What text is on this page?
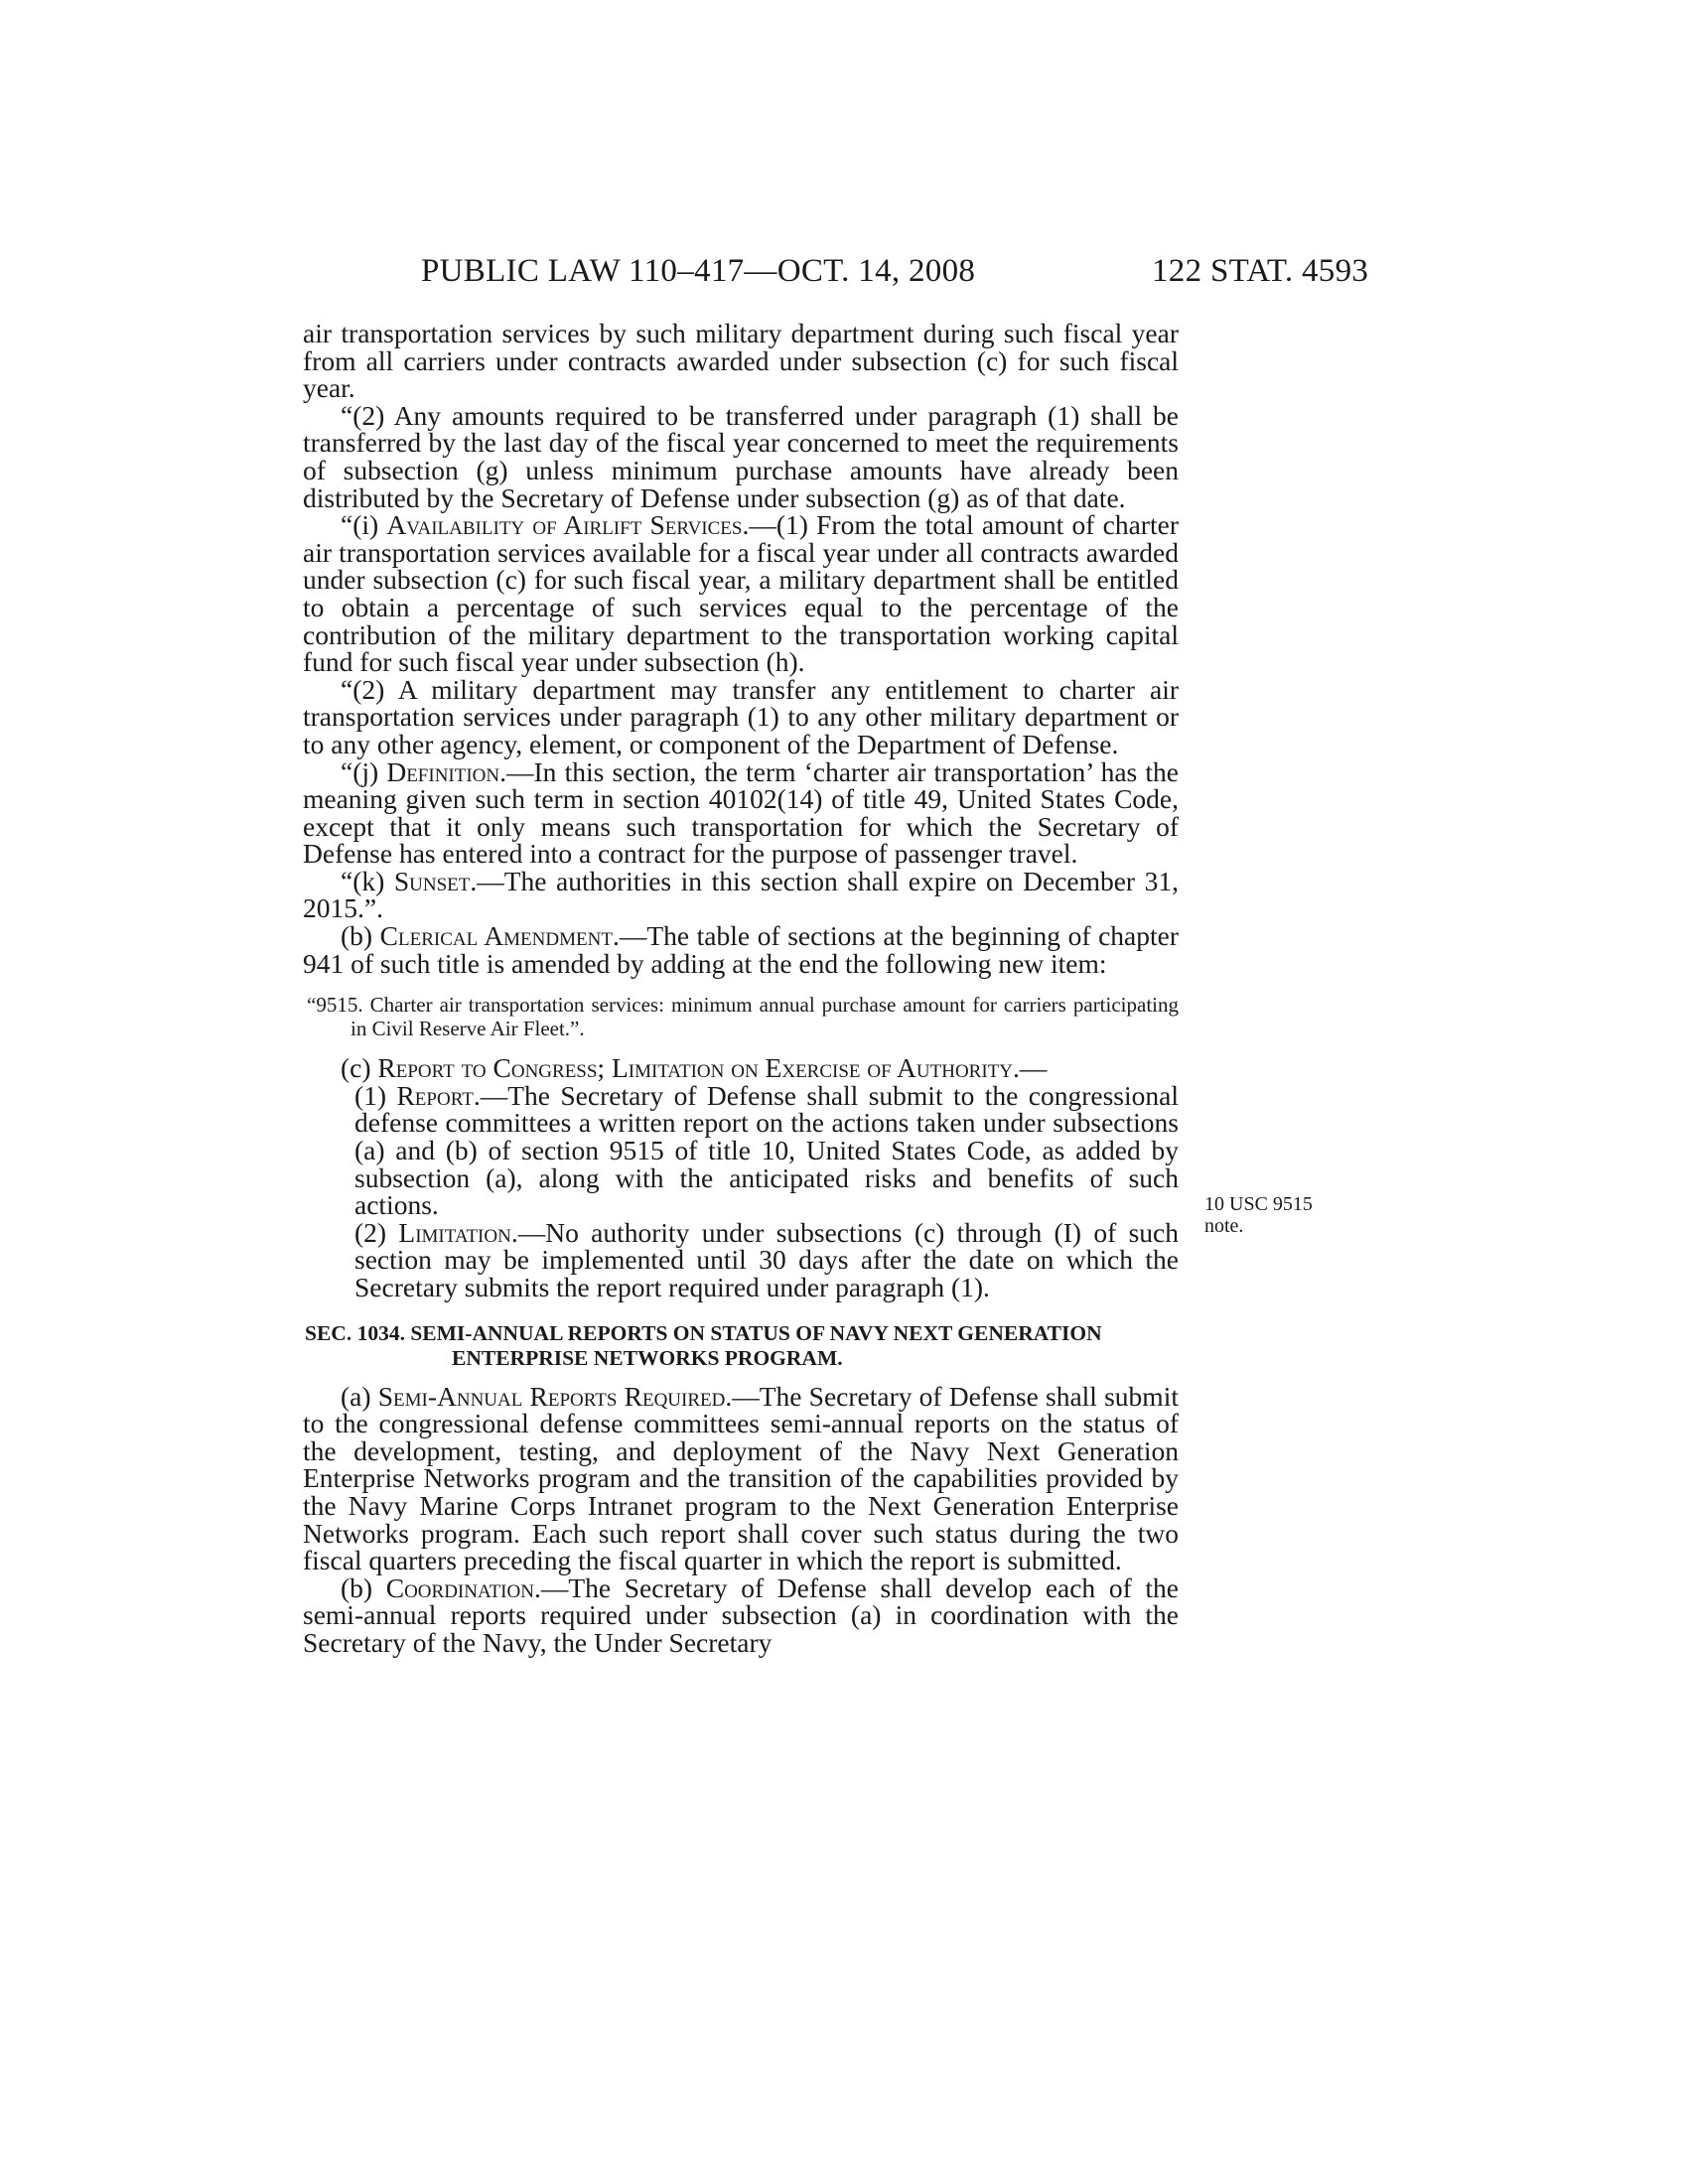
PUBLIC LAW 110–417—OCT. 14, 2008	122 STAT. 4593

air transportation services by such military department during such fiscal year from all carriers under contracts awarded under subsection (c) for such fiscal year.

“(2) Any amounts required to be transferred under paragraph (1) shall be transferred by the last day of the fiscal year concerned to meet the requirements of subsection (g) unless minimum purchase amounts have already been distributed by the Secretary of Defense under subsection (g) as of that date.

“(i) Availability of Airlift Services.—(1) From the total amount of charter air transportation services available for a fiscal year under all contracts awarded under subsection (c) for such fiscal year, a military department shall be entitled to obtain a percentage of such services equal to the percentage of the contribution of the military department to the transportation working capital fund for such fiscal year under subsection (h).

“(2) A military department may transfer any entitlement to charter air transportation services under paragraph (1) to any other military department or to any other agency, element, or component of the Department of Defense.

“(j) Definition.—In this section, the term ‘charter air transportation’ has the meaning given such term in section 40102(14) of title 49, United States Code, except that it only means such transportation for which the Secretary of Defense has entered into a contract for the purpose of passenger travel.

“(k) Sunset.—The authorities in this section shall expire on December 31, 2015.”.

(b) Clerical Amendment.—The table of sections at the beginning of chapter 941 of such title is amended by adding at the end the following new item:

“9515. Charter air transportation services: minimum annual purchase amount for carriers participating in Civil Reserve Air Fleet.”.

(c) Report to Congress; Limitation on Exercise of Authority.—

(1) Report.—The Secretary of Defense shall submit to the congressional defense committees a written report on the actions taken under subsections (a) and (b) of section 9515 of title 10, United States Code, as added by subsection (a), along with the anticipated risks and benefits of such actions.

(2) Limitation.—No authority under subsections (c) through (I) of such section may be implemented until 30 days after the date on which the Secretary submits the report required under paragraph (1).

SEC. 1034. SEMI-ANNUAL REPORTS ON STATUS OF NAVY NEXT GENERATION ENTERPRISE NETWORKS PROGRAM.

(a) Semi-Annual Reports Required.—The Secretary of Defense shall submit to the congressional defense committees semi-annual reports on the status of the development, testing, and deployment of the Navy Next Generation Enterprise Networks program and the transition of the capabilities provided by the Navy Marine Corps Intranet program to the Next Generation Enterprise Networks program. Each such report shall cover such status during the two fiscal quarters preceding the fiscal quarter in which the report is submitted.

(b) Coordination.—The Secretary of Defense shall develop each of the semi-annual reports required under subsection (a) in coordination with the Secretary of the Navy, the Under Secretary

10 USC 9515
note.
